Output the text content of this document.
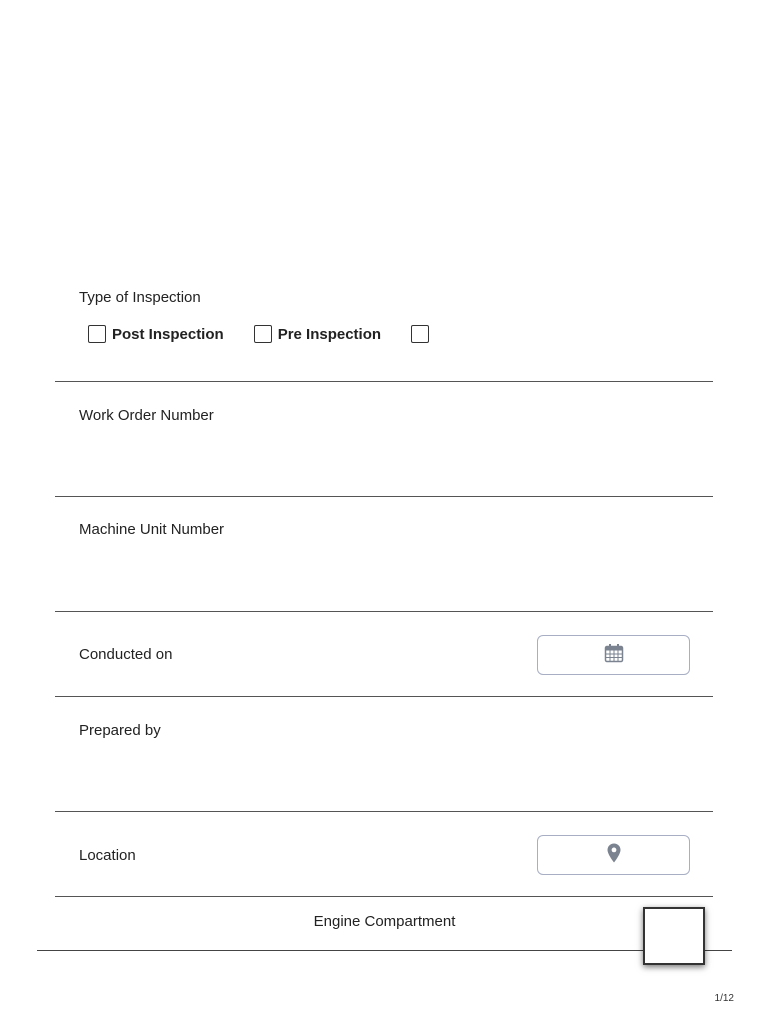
Type of Inspection
Post Inspection	Pre Inspection
Work Order Number
Machine Unit Number
Conducted on
Prepared by
Location
Engine Compartment
1/12
